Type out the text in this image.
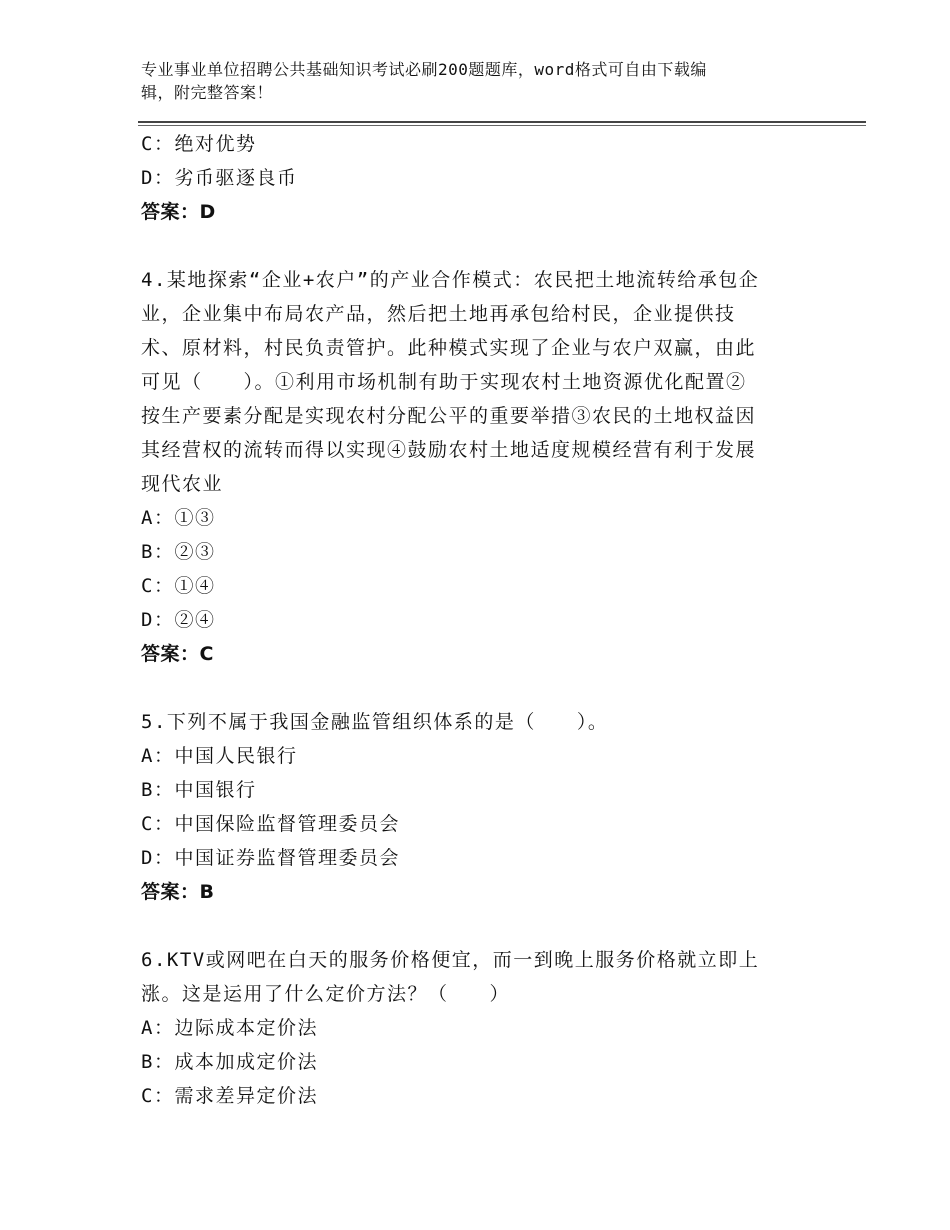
专业事业单位招聘公共基础知识考试必刷200题题库，word格式可自由下载编
辑，附完整答案！
C：绝对优势
D：劣币驱逐良币
答案：D
4.某地探索“企业+农户”的产业合作模式：农民把土地流转给承包企
业，企业集中布局农产品，然后把土地再承包给村民，企业提供技
术、原材料，村民负责管护。此种模式实现了企业与农户双赢，由此
可见（　　）。①利用市场机制有助于实现农村土地资源优化配置②
按生产要素分配是实现农村分配公平的重要举措③农民的土地权益因
其经营权的流转而得以实现④鼓励农村土地适度规模经营有利于发展
现代农业
A：①③
B：②③
C：①④
D：②④
答案：C
5.下列不属于我国金融监管组织体系的是（　　）。
A：中国人民银行
B：中国银行
C：中国保险监督管理委员会
D：中国证券监督管理委员会
答案：B
6.KTV或网吧在白天的服务价格便宜，而一到晚上服务价格就立即上
涨。这是运用了什么定价方法？（　　）
A：边际成本定价法
B：成本加成定价法
C：需求差异定价法
